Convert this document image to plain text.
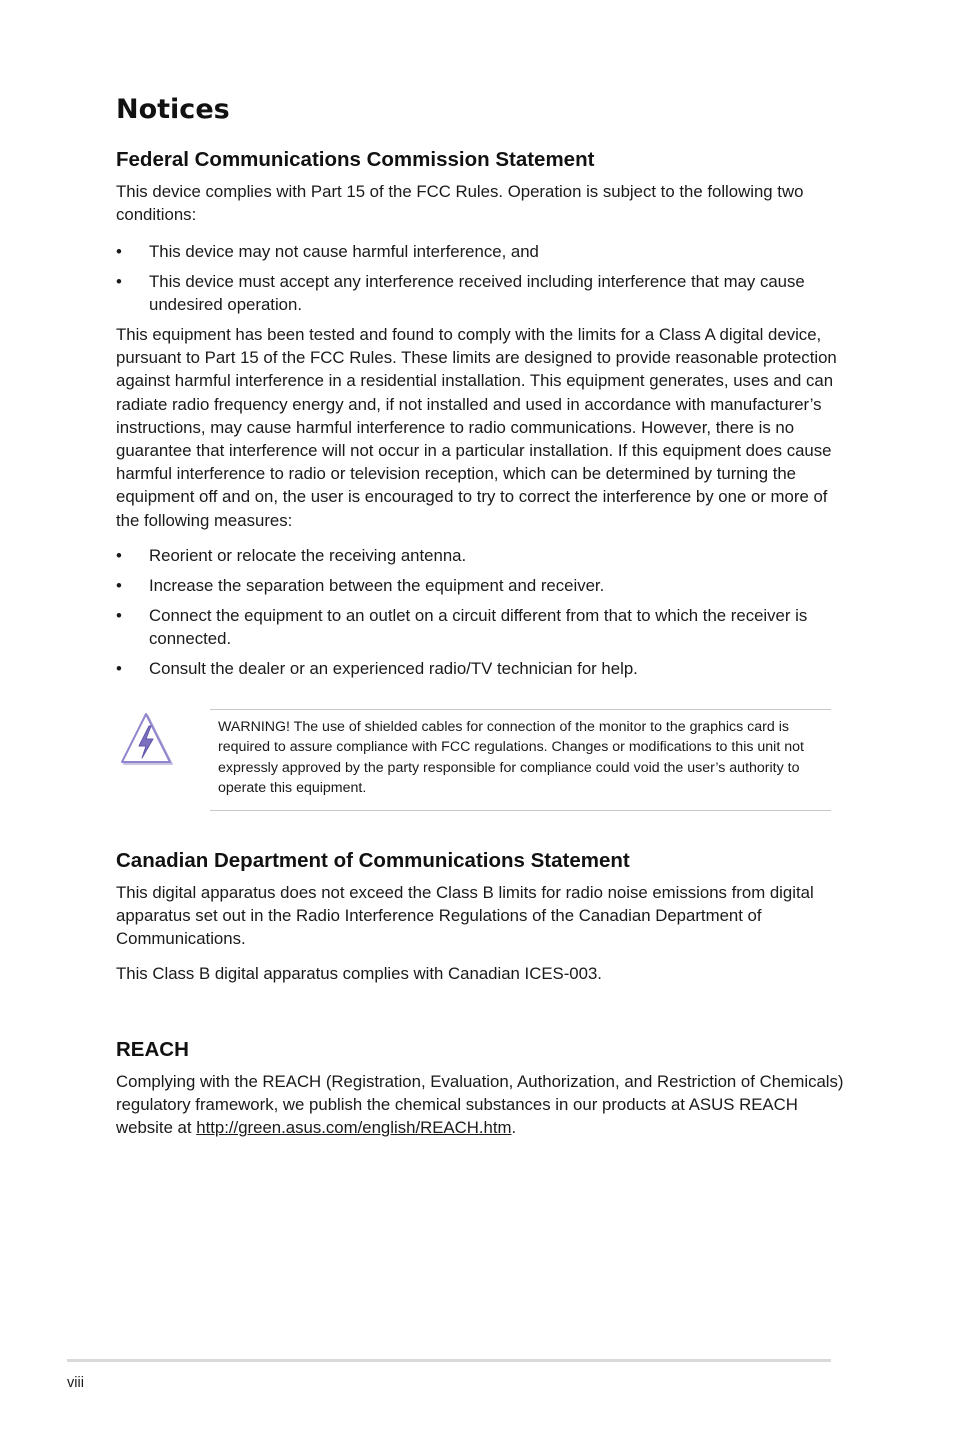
Notices
Federal Communications Commission Statement

This device complies with Part 15 of the FCC Rules. Operation is subject to the following two conditions:

• This device may not cause harmful interference, and
• This device must accept any interference received including interference that may cause undesired operation.

This equipment has been tested and found to comply with the limits for a Class A digital device, pursuant to Part 15 of the FCC Rules. These limits are designed to provide reasonable protection against harmful interference in a residential installation. This equipment generates, uses and can radiate radio frequency energy and, if not installed and used in accordance with manufacturer’s instructions, may cause harmful interference to radio communications. However, there is no guarantee that interference will not occur in a particular installation. If this equipment does cause harmful interference to radio or television reception, which can be determined by turning the equipment off and on, the user is encouraged to try to correct the interference by one or more of the following measures:

• Reorient or relocate the receiving antenna.
• Increase the separation between the equipment and receiver.
• Connect the equipment to an outlet on a circuit different from that to which the receiver is connected.
• Consult the dealer or an experienced radio/TV technician for help.

WARNING! The use of shielded cables for connection of the monitor to the graphics card is required to assure compliance with FCC regulations. Changes or modifications to this unit not expressly approved by the party responsible for compliance could void the user’s authority to operate this equipment.

Canadian Department of Communications Statement

This digital apparatus does not exceed the Class B limits for radio noise emissions from digital apparatus set out in the Radio Interference Regulations of the Canadian Department of Communications.

This Class B digital apparatus complies with Canadian ICES-003.

REACH

Complying with the REACH (Registration, Evaluation, Authorization, and Restriction of Chemicals) regulatory framework, we publish the chemical substances in our products at ASUS REACH website at http://green.asus.com/english/REACH.htm.

viii
